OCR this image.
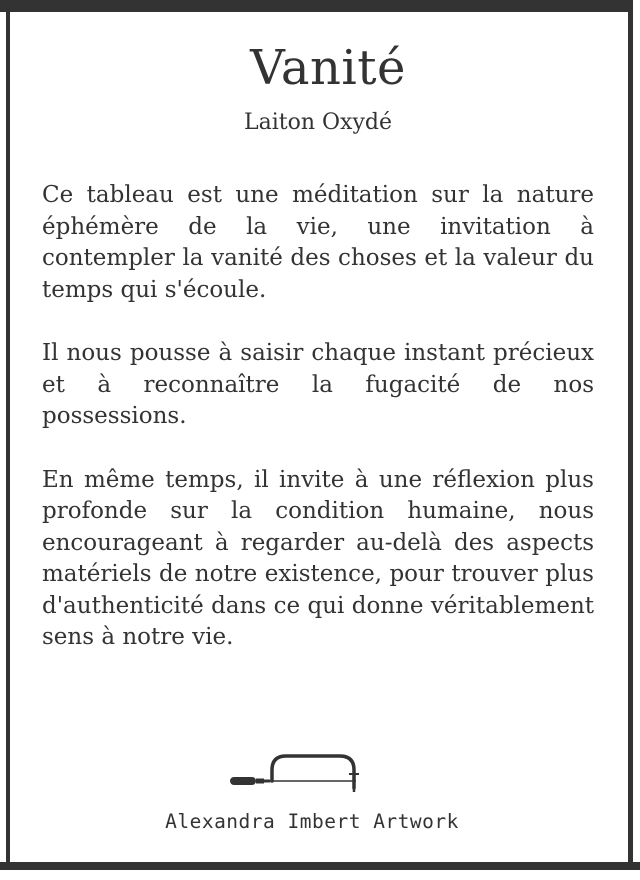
Vanité
Laiton Oxydé

Ce tableau est une méditation sur la nature éphémère de la vie, une invitation à contempler la vanité des choses et la valeur du temps qui s'écoule.

Il nous pousse à saisir chaque instant précieux et à reconnaître la fugacité de nos possessions.

En même temps, il invite à une réflexion plus profonde sur la condition humaine, nous encourageant à regarder au-delà des aspects matériels de notre existence, pour trouver plus d'authenticité dans ce qui donne véritablement sens à notre vie.

Alexandra Imbert Artwork
